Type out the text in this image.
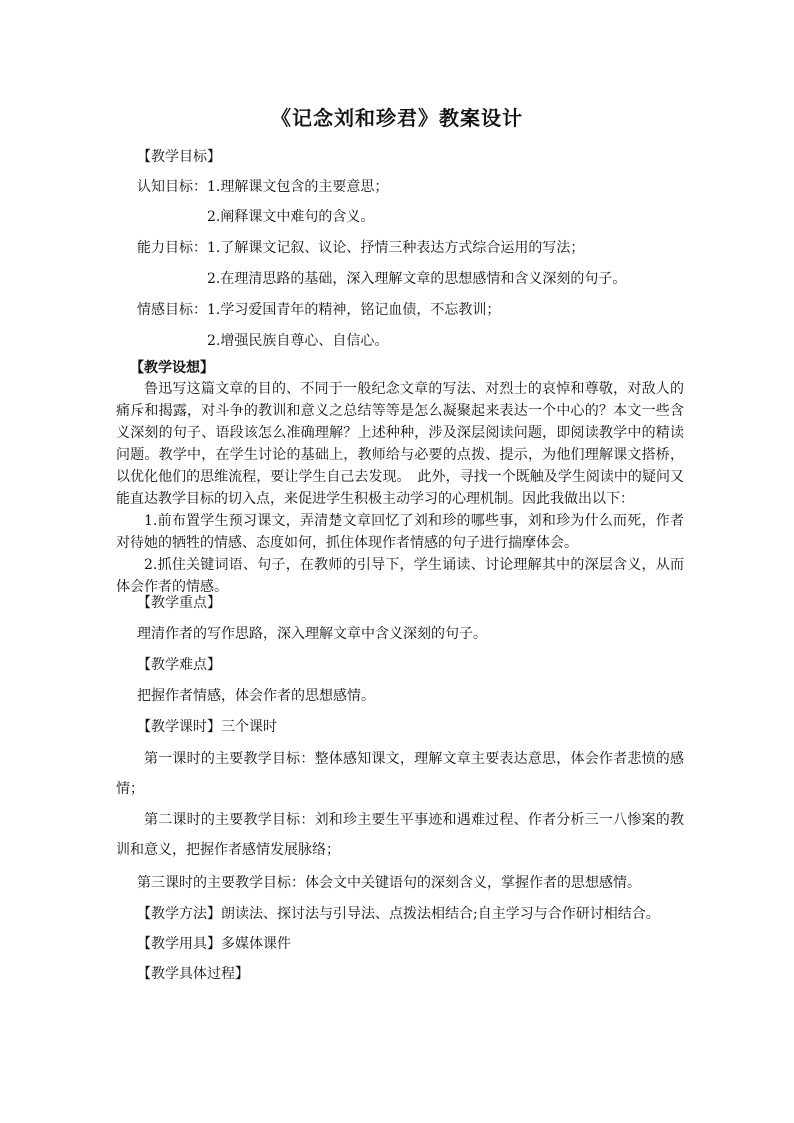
《记念刘和珍君》教案设计
【教学目标】
认知目标：1.理解课文包含的主要意思；
2.阐释课文中难句的含义。
能力目标：1.了解课文记叙、议论、抒情三种表达方式综合运用的写法；
2.在理清思路的基础，深入理解文章的思想感情和含义深刻的句子。
情感目标：1.学习爱国青年的精神，铭记血债，不忘教训；
2.增强民族自尊心、自信心。
【教学设想】

鲁迅写这篇文章的目的、不同于一般纪念文章的写法、对烈士的哀悼和尊敬，对敌人的痛斥和揭露，对斗争的教训和意义之总结等等是怎么凝聚起来表达一个中心的？本文一些含义深刻的句子、语段该怎么准确理解？上述种种，涉及深层阅读问题，即阅读教学中的精读问题。教学中，在学生讨论的基础上，教师给与必要的点拨、提示，为他们理解课文搭桥，以优化他们的思维流程，要让学生自己去发现。　此外，寻找一个既触及学生阅读中的疑问又能直达教学目标的切入点，来促进学生积极主动学习的心理机制。因此我做出以下：

1.前布置学生预习课文，弄清楚文章回忆了刘和珍的哪些事，刘和珍为什么而死，作者对待她的牺牲的情感、态度如何，抓住体现作者情感的句子进行揣摩体会。

2.抓住关键词语、句子，在教师的引导下，学生诵读、讨论理解其中的深层含义，从而体会作者的情感。

【教学重点】
理清作者的写作思路，深入理解文章中含义深刻的句子。
【教学难点】
把握作者情感，体会作者的思想感情。
【教学课时】三个课时
第一课时的主要教学目标：整体感知课文，理解文章主要表达意思，体会作者悲愤的感情；
第二课时的主要教学目标：刘和珍主要生平事迹和遇难过程、作者分析三一八惨案的教训和意义，把握作者感情发展脉络；
第三课时的主要教学目标：体会文中关键语句的深刻含义，掌握作者的思想感情。
【教学方法】朗读法、探讨法与引导法、点拨法相结合;自主学习与合作研讨相结合。
【教学用具】多媒体课件
【教学具体过程】
